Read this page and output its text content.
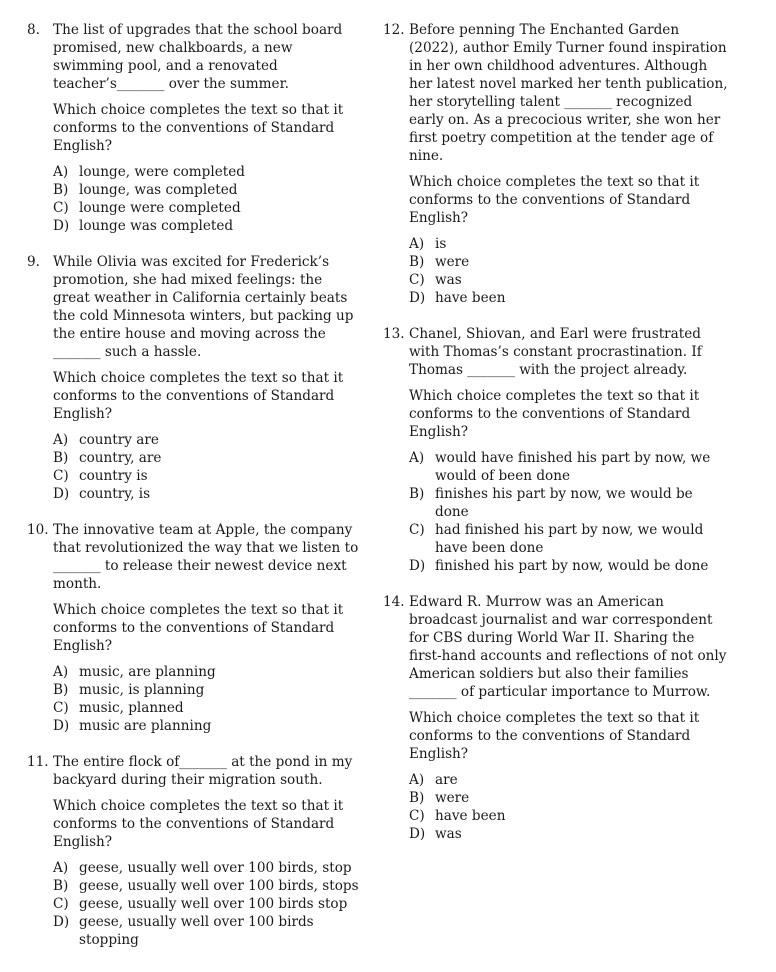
8. The list of upgrades that the school board promised, new chalkboards, a new swimming pool, and a renovated teacher’s_______ over the summer.

Which choice completes the text so that it conforms to the conventions of Standard English?

A) lounge, were completed
B) lounge, was completed
C) lounge were completed
D) lounge was completed
9. While Olivia was excited for Frederick’s promotion, she had mixed feelings: the great weather in California certainly beats the cold Minnesota winters, but packing up the entire house and moving across the _______ such a hassle.

Which choice completes the text so that it conforms to the conventions of Standard English?

A) country are
B) country, are
C) country is
D) country, is
10. The innovative team at Apple, the company that revolutionized the way that we listen to _______ to release their newest device next month.

Which choice completes the text so that it conforms to the conventions of Standard English?

A) music, are planning
B) music, is planning
C) music, planned
D) music are planning
11. The entire flock of_______ at the pond in my backyard during their migration south.

Which choice completes the text so that it conforms to the conventions of Standard English?

A) geese, usually well over 100 birds, stop
B) geese, usually well over 100 birds, stops
C) geese, usually well over 100 birds stop
D) geese, usually well over 100 birds stopping
12. Before penning The Enchanted Garden (2022), author Emily Turner found inspiration in her own childhood adventures. Although her latest novel marked her tenth publication, her storytelling talent _______ recognized early on. As a precocious writer, she won her first poetry competition at the tender age of nine.

Which choice completes the text so that it conforms to the conventions of Standard English?

A) is
B) were
C) was
D) have been
13. Chanel, Shiovan, and Earl were frustrated with Thomas’s constant procrastination. If Thomas _______ with the project already.

Which choice completes the text so that it conforms to the conventions of Standard English?

A) would have finished his part by now, we would of been done
B) finishes his part by now, we would be done
C) had finished his part by now, we would have been done
D) finished his part by now, would be done
14. Edward R. Murrow was an American broadcast journalist and war correspondent for CBS during World War II. Sharing the first-hand accounts and reflections of not only American soldiers but also their families _______ of particular importance to Murrow.

Which choice completes the text so that it conforms to the conventions of Standard English?

A) are
B) were
C) have been
D) was
